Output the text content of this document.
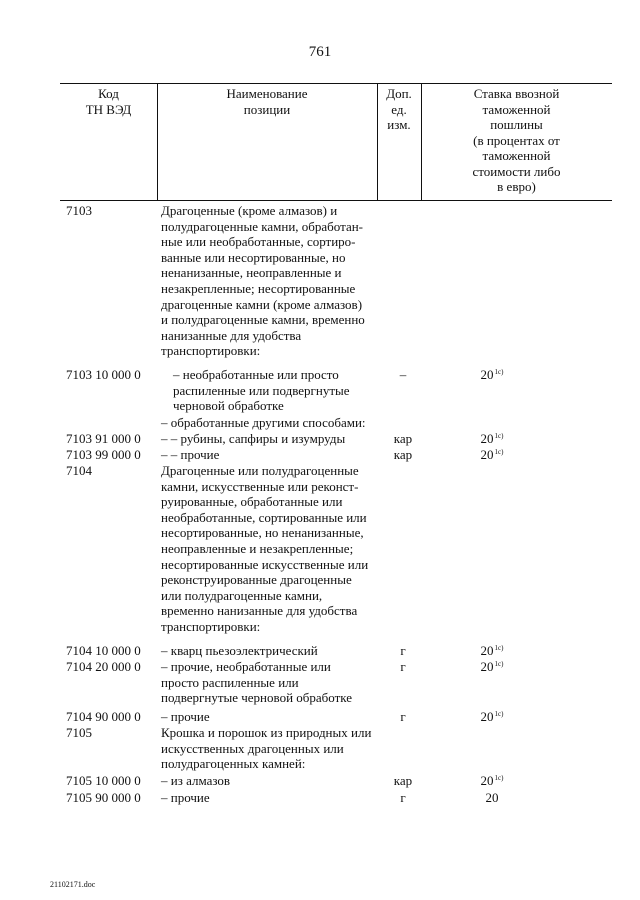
761
Код
ТН ВЭД
Наименование
позиции
Доп.
ед.
изм.
Ставка ввозной
таможенной
пошлины
(в процентах от
таможенной
стоимости либо
в евро)
7103	Драгоценные (кроме алмазов) и
полудрагоценные камни, обработан-
ные или необработанные, сортиро-
ванные или несортированные, но
ненанизанные, неоправленные и
незакрепленные; несортированные
драгоценные камни (кроме алмазов)
и полудрагоценные камни, временно
нанизанные для удобства
транспортировки:
7103 10 000 0	– необработанные или просто
распиленные или подвергнутые
черновой обработке
–	$20^{1с)}$
– обработанные другими способами:
7103 91 000 0	– – рубины, сапфиры и изумруды	кар	$20^{1с)}$
7103 99 000 0	– – прочие	кар	$20^{1с)}$
7104	Драгоценные или полудрагоценные
камни, искусственные или реконст-
руированные, обработанные или
необработанные, сортированные или
несортированные, но ненанизанные,
неоправленные и незакрепленные;
несортированные искусственные или
реконструированные драгоценные
или полудрагоценные камни,
временно нанизанные для удобства
транспортировки:
7104 10 000 0	– кварц пьезоэлектрический	г	$20^{1с)}$
7104 20 000 0	– прочие, необработанные или
просто распиленные или
подвергнутые черновой обработке
г	$20^{1с)}$
7104 90 000 0	– прочие	г	$20^{1с)}$
7105	Крошка и порошок из природных или
искусственных драгоценных или
полудрагоценных камней:
7105 10 000 0	– из алмазов	кар	$20^{1с)}$
7105 90 000 0	– прочие	г	20
21102171.doc
